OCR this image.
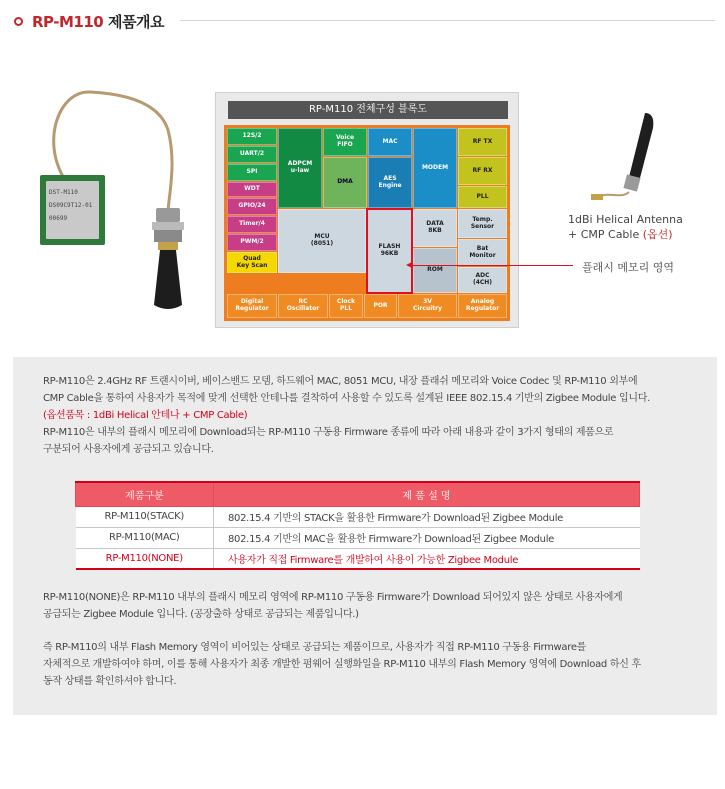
RP-M110 제품개요
DST-M110
DS09C9T12-01
00699
RP-M110 전체구성 블록도
12S/2
UART/2
SPI
WDT
GPIO/24
Timer/4
PWM/2
Quad
Key Scan
ADPCM
u-law
Voice
FIFO
DMA
MAC
AES
Engine
MODEM
RF TX
RF RX
PLL
MCU
(8051)	FLASH
96KB
DATA
8KB
ROM
Temp.
Sensor
Bat
Monitor
ADC
(4CH)
Digital
Regulator
RC
Oscillator
Clock
PLL	POR	3V
Circuitry
Analog
Regulator
1dBi Helical Antenna
+ CMP Cable (옵션)
플래시 메모리 영역
RP-M110은 2.4GHz RF 트랜시이버, 베이스밴드 모뎀, 하드웨어 MAC, 8051 MCU, 내장 플래쉬 메모리와 Voice Codec 및 RP-M110 외부에
CMP Cable을 통하여 사용자가 목적에 맞게 선택한 안테나를 결착하여 사용할 수 있도록 설계된 IEEE 802.15.4 기반의 Zigbee Module 입니다.
(옵션품목 : 1dBi Helical 안테나 + CMP Cable)
RP-M110은 내부의 플래시 메모리에 Download되는 RP-M110 구동용 Firmware 종류에 따라 아래 내용과 같이 3가지 형태의 제품으로
구분되어 사용자에게 공급되고 있습니다.
제품구분	제 품 설 명
RP-M110(STACK)	802.15.4 기반의 STACK을 활용한 Firmware가 Download된 Zigbee Module
RP-M110(MAC)	802.15.4 기반의 MAC을 활용한 Firmware가 Download된 Zigbee Module
RP-M110(NONE)	사용자가 직접 Firmware를 개발하여 사용이 가능한 Zigbee Module
RP-M110(NONE)은 RP-M110 내부의 플래시 메모리 영역에 RP-M110 구동용 Firmware가 Download 되어있지 않은 상태로 사용자에게
공급되는 Zigbee Module 입니다. (공장출하 상태로 공급되는 제품입니다.)
즉 RP-M110의 내부 Flash Memory 영역이 비어있는 상태로 공급되는 제품이므로, 사용자가 직접 RP-M110 구동용 Firmware를
자체적으로 개발하여야 하며, 이를 통해 사용자가 최종 개발한 펌웨어 실행화일을 RP-M110 내부의 Flash Memory 영역에 Download 하신 후
동작 상태를 확인하셔야 합니다.
